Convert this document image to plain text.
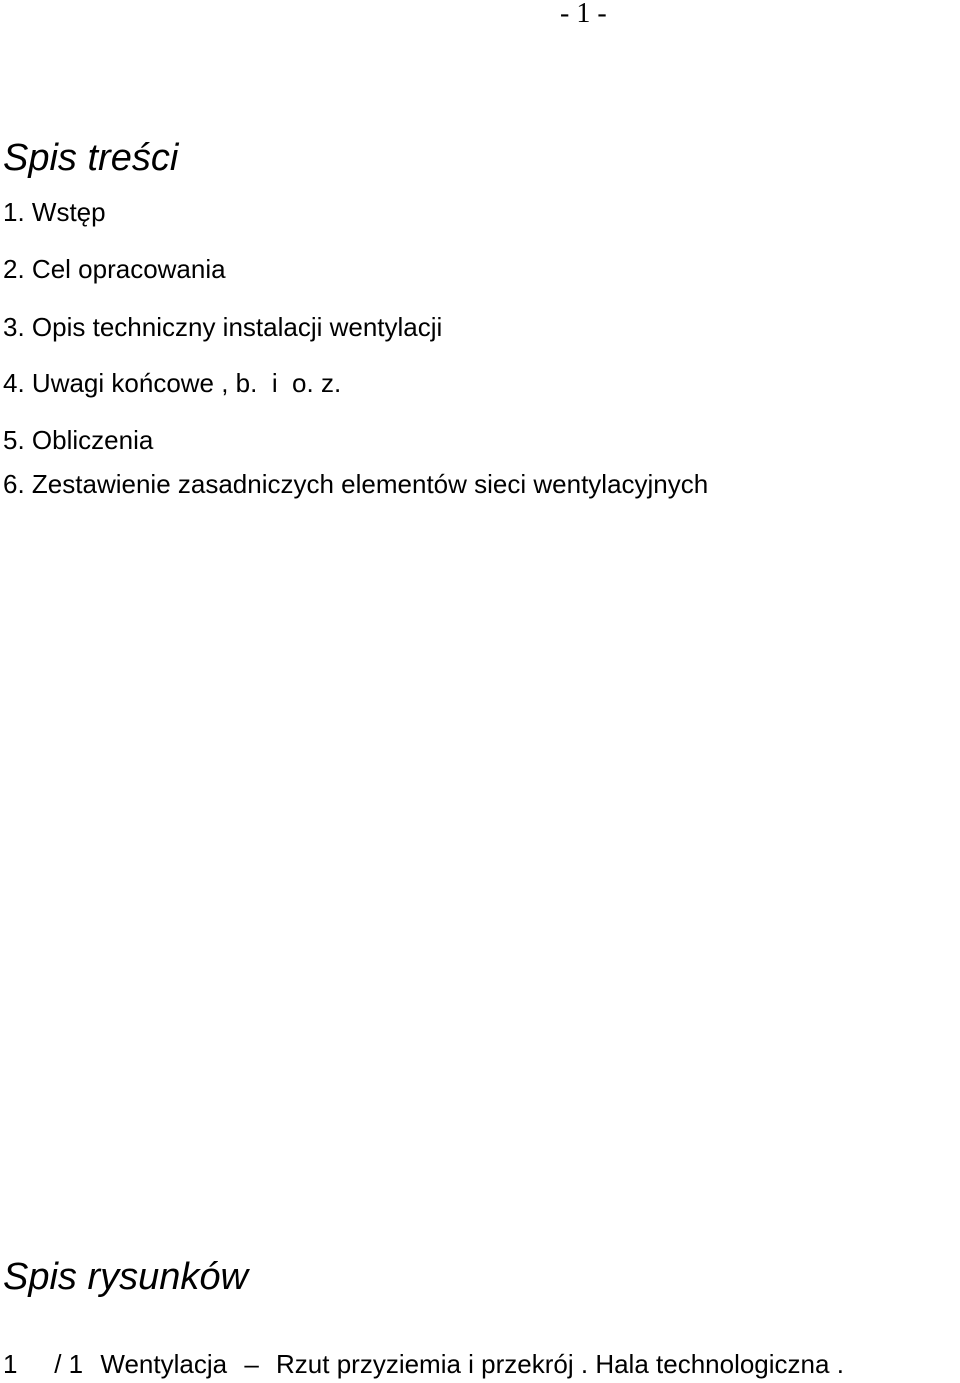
- 1 -
Spis treści
1. Wstęp
2. Cel opracowania
3. Opis techniczny instalacji wentylacji
4. Uwagi końcowe , b.  i  o. z.
5. Obliczenia
6. Zestawienie zasadniczych elementów sieci wentylacyjnych
Spis rysunków
1 / 1 Wentylacja – Rzut przyziemia i przekrój . Hala technologiczna .
